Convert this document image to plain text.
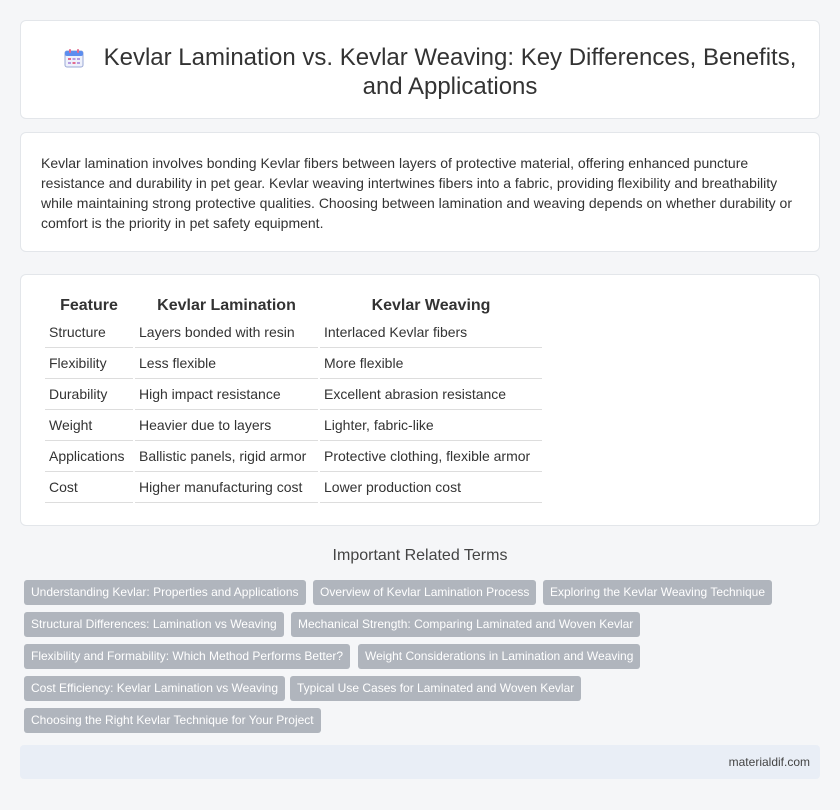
Kevlar Lamination vs. Kevlar Weaving: Key Differences, Benefits, and Applications

Kevlar lamination involves bonding Kevlar fibers between layers of protective material, offering enhanced puncture resistance and durability in pet gear. Kevlar weaving intertwines fibers into a fabric, providing flexibility and breathability while maintaining strong protective qualities. Choosing between lamination and weaving depends on whether durability or comfort is the priority in pet safety equipment.

Feature	Kevlar Lamination	Kevlar Weaving
Structure	Layers bonded with resin	Interlaced Kevlar fibers
Flexibility	Less flexible	More flexible
Durability	High impact resistance	Excellent abrasion resistance
Weight	Heavier due to layers	Lighter, fabric-like
Applications	Ballistic panels, rigid armor	Protective clothing, flexible armor
Cost	Higher manufacturing cost	Lower production cost
Important Related Terms
Understanding Kevlar: Properties and Applications	Overview of Kevlar Lamination Process	Exploring the Kevlar Weaving Technique
Structural Differences: Lamination vs Weaving	Mechanical Strength: Comparing Laminated and Woven Kevlar
Flexibility and Formability: Which Method Performs Better?	Weight Considerations in Lamination and Weaving
Cost Efficiency: Kevlar Lamination vs Weaving	Typical Use Cases for Laminated and Woven Kevlar
Choosing the Right Kevlar Technique for Your Project
materialdif.com
